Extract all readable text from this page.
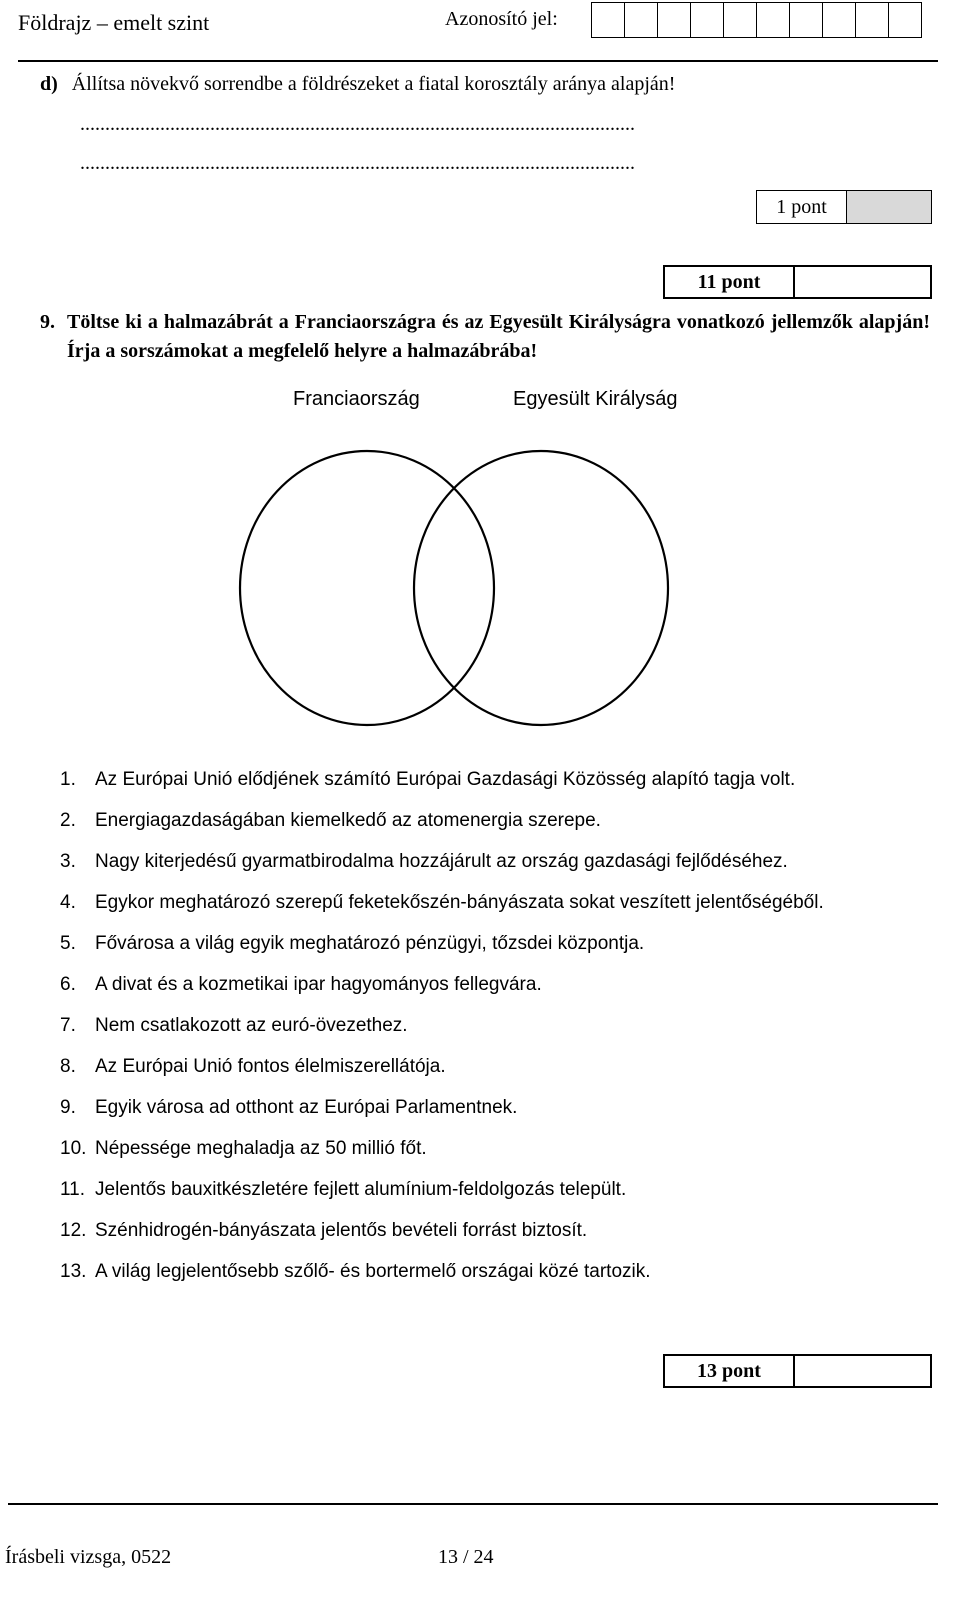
Földrajz – emelt szint	Azonosító jel:
d) Állítsa növekvő sorrendbe a földrészeket a fiatal korosztály aránya alapján!
...............................................................................................................
...............................................................................................................
1 pont
11 pont
9. Töltse ki a halmazábrát a Franciaországra és az Egyesült Királyságra vonatkozó jellemzők alapján! Írja a sorszámokat a megfelelő helyre a halmazábrába!
Franciaország	Egyesült Királyság
1.	Az Európai Unió elődjének számító Európai Gazdasági Közösség alapító tagja volt.
2.	Energiagazdaságában kiemelkedő az atomenergia szerepe.
3.	Nagy kiterjedésű gyarmatbirodalma hozzájárult az ország gazdasági fejlődéséhez.
4.	Egykor meghatározó szerepű feketekőszén-bányászata sokat veszített jelentőségéből.
5.	Fővárosa a világ egyik meghatározó pénzügyi, tőzsdei központja.
6.	A divat és a kozmetikai ipar hagyományos fellegvára.
7.	Nem csatlakozott az euró-övezethez.
8.	Az Európai Unió fontos élelmiszerellátója.
9.	Egyik városa ad otthont az Európai Parlamentnek.
10. Népessége meghaladja az 50 millió főt.
11. Jelentős bauxitkészletére fejlett alumínium-feldolgozás települt.
12. Szénhidrogén-bányászata jelentős bevételi forrást biztosít.
13. A világ legjelentősebb szőlő- és bortermelő országai közé tartozik.
13 pont
Írásbeli vizsga, 0522	13 / 24
